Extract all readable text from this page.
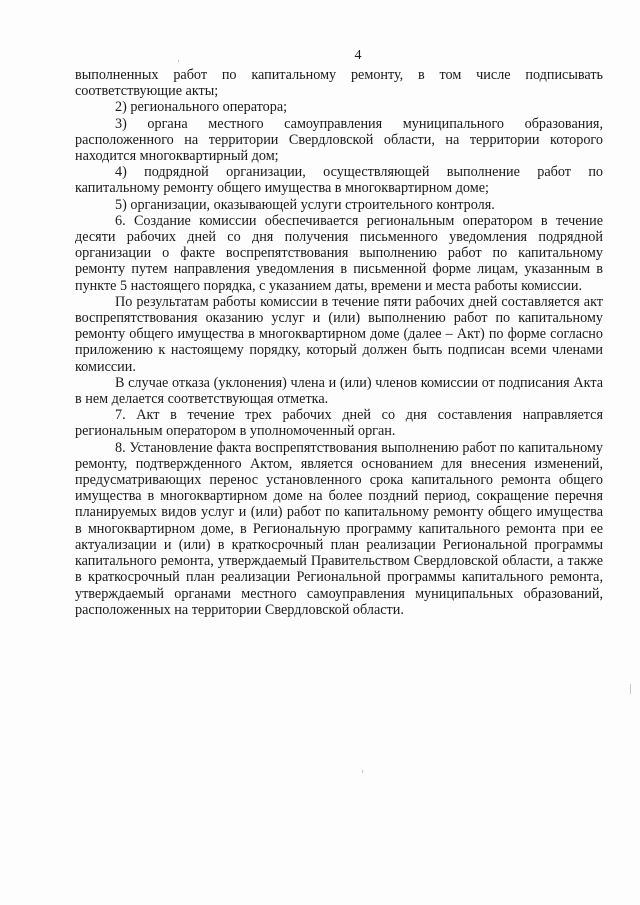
4

выполненных работ по капитальному ремонту, в том числе подписывать соответствующие акты;

2) регионального оператора;

3) органа местного самоуправления муниципального образования, расположенного на территории Свердловской области, на территории которого находится многоквартирный дом;

4) подрядной организации, осуществляющей выполнение работ по капитальному ремонту общего имущества в многоквартирном доме;

5) организации, оказывающей услуги строительного контроля.

6. Создание комиссии обеспечивается региональным оператором в течение десяти рабочих дней со дня получения письменного уведомления подрядной организации о факте воспрепятствования выполнению работ по капитальному ремонту путем направления уведомления в письменной форме лицам, указанным в пункте 5 настоящего порядка, с указанием даты, времени и места работы комиссии.

По результатам работы комиссии в течение пяти рабочих дней составляется акт воспрепятствования оказанию услуг и (или) выполнению работ по капитальному ремонту общего имущества в многоквартирном доме (далее – Акт) по форме согласно приложению к настоящему порядку, который должен быть подписан всеми членами комиссии.

В случае отказа (уклонения) члена и (или) членов комиссии от подписания Акта в нем делается соответствующая отметка.

7. Акт в течение трех рабочих дней со дня составления направляется региональным оператором в уполномоченный орган.

8. Установление факта воспрепятствования выполнению работ по капитальному ремонту, подтвержденного Актом, является основанием для внесения изменений, предусматривающих перенос установленного срока капитального ремонта общего имущества в многоквартирном доме на более поздний период, сокращение перечня планируемых видов услуг и (или) работ по капитальному ремонту общего имущества в многоквартирном доме, в Региональную программу капитального ремонта при ее актуализации и (или) в краткосрочный план реализации Региональной программы капитального ремонта, утверждаемый Правительством Свердловской области, а также в краткосрочный план реализации Региональной программы капитального ремонта, утверждаемый органами местного самоуправления муниципальных образований, расположенных на территории Свердловской области.
